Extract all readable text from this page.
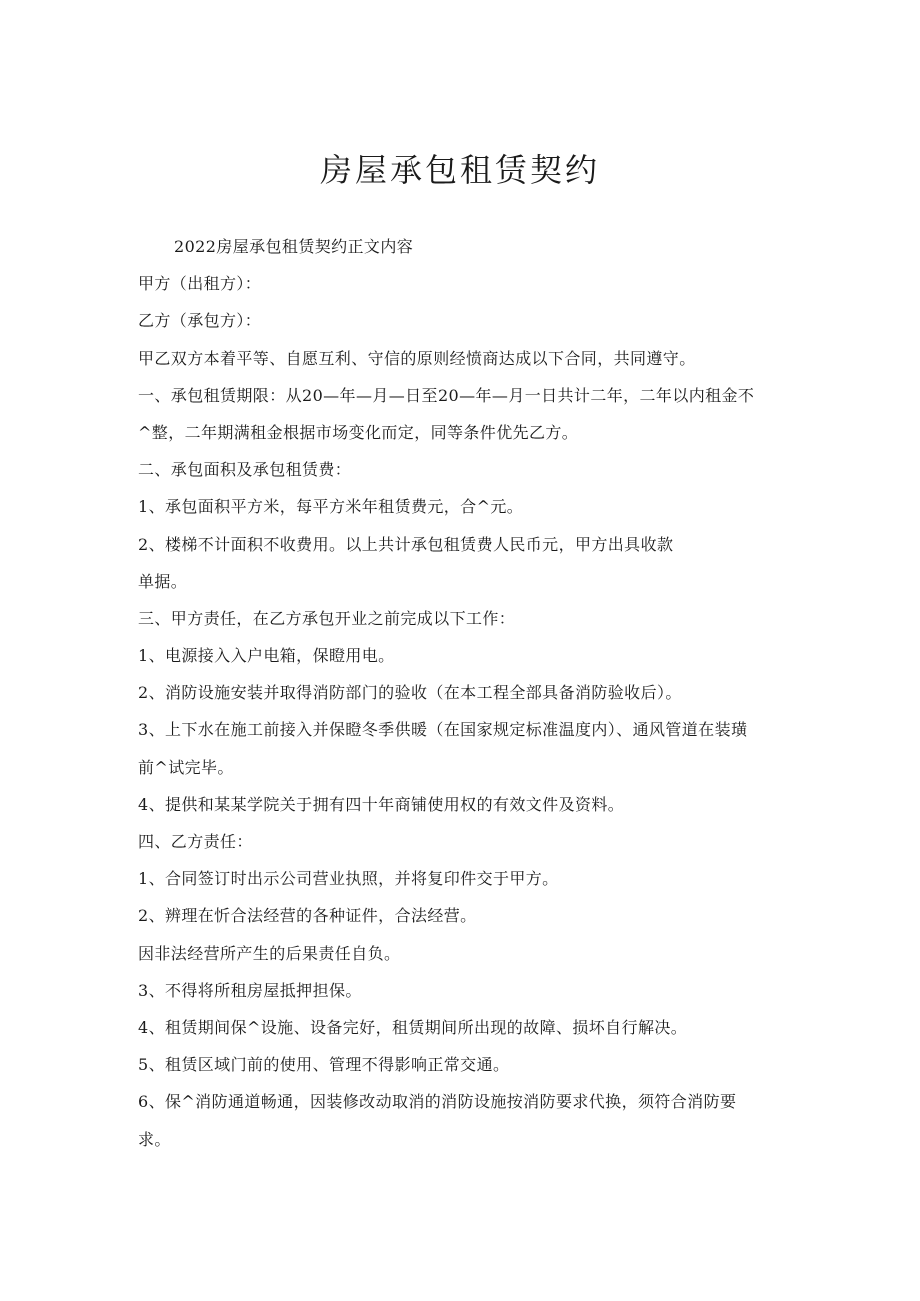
房屋承包租赁契约

2022房屋承包租赁契约正文内容

甲方（出租方）：

乙方（承包方）：

甲乙双方本着平等、自愿互利、守信的原则经愤商达成以下合同，共同遵守。

一、承包租赁期限：从20—年—月—日至20—年—月一日共计二年，二年以内租金不

^整，二年期满租金根据市场变化而定，同等条件优先乙方。

二、承包面积及承包租赁费：

1、承包面积平方米，每平方米年租赁费元，合^元。

2、楼梯不计面积不收费用。以上共计承包租赁费人民币元，甲方出具收款

单据。

三、甲方责任，在乙方承包开业之前完成以下工作：

1、电源接入入户电箱，保瞪用电。

2、消防设施安装并取得消防部门的验收（在本工程全部具备消防验收后）。

3、上下水在施工前接入并保瞪冬季供暖（在国家规定标准温度内）、通风管道在装璜

前^试完毕。

4、提供和某某学院关于拥有四十年商铺使用权的有效文件及资料。

四、乙方责任：

1、合同签订时出示公司营业执照，并将复印件交于甲方。

2、辨理在忻合法经营的各种证件，合法经营。

因非法经营所产生的后果责任自负。

3、不得将所租房屋抵押担保。

4、租赁期间保^设施、设备完好，租赁期间所出现的故障、损坏自行解决。

5、租赁区域门前的使用、管理不得影响正常交通。

6、保^消防通道畅通，因装修改动取消的消防设施按消防要求代换，须符合消防要

求。
